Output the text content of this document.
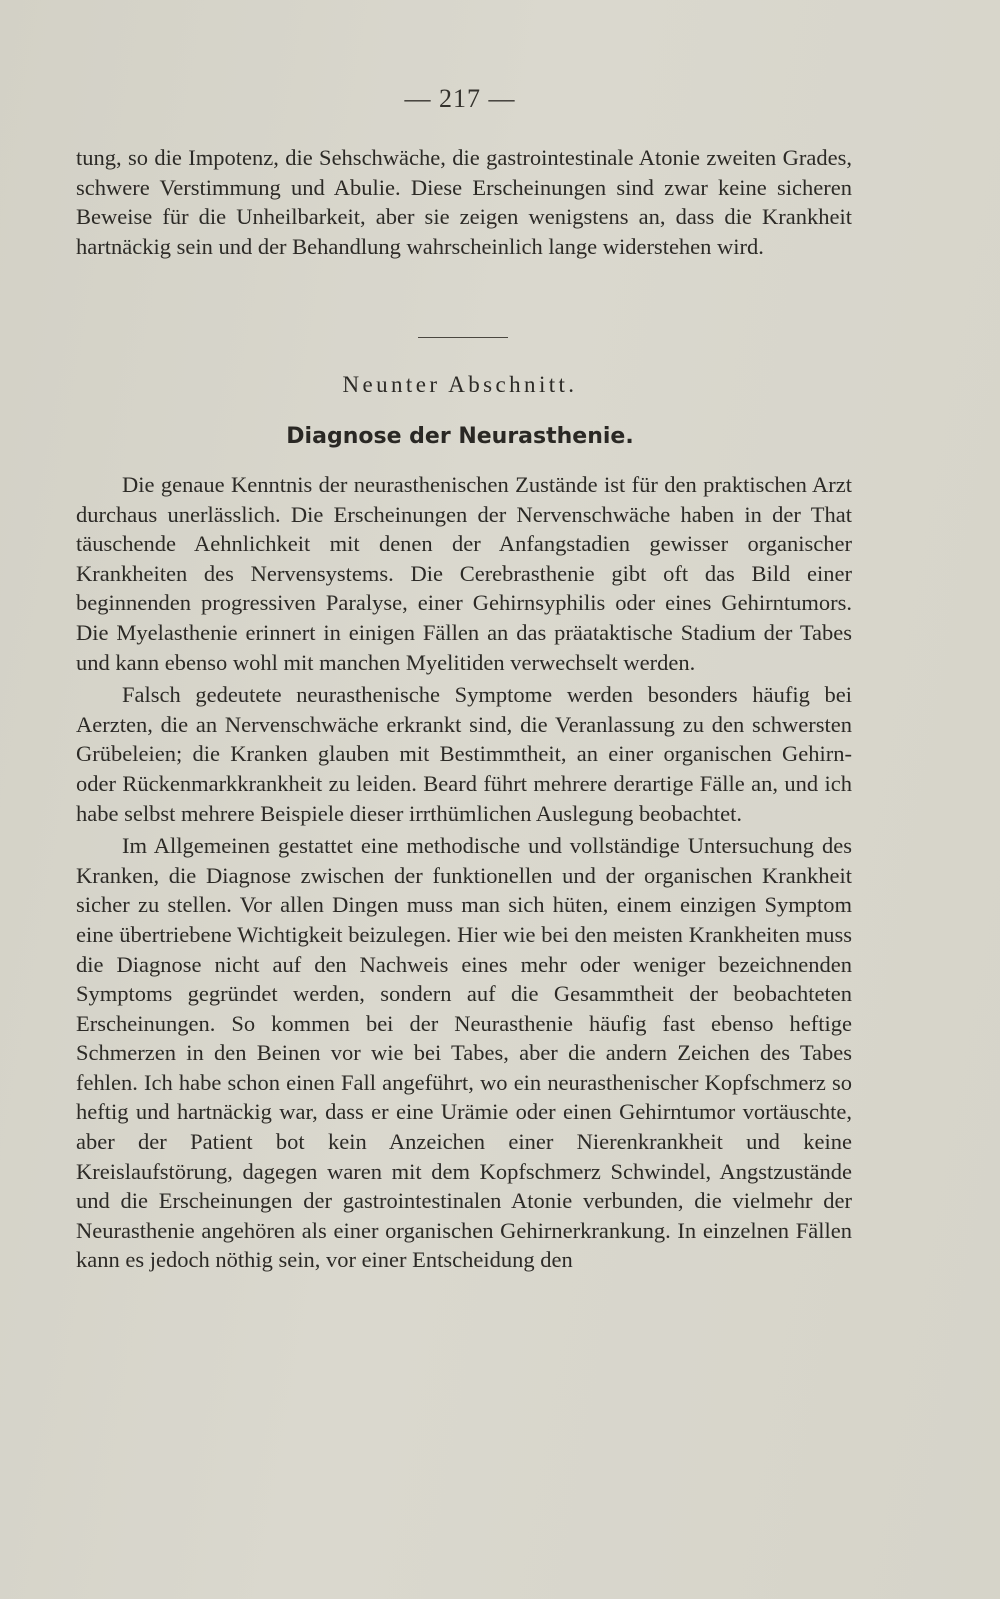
— 217 —

tung, so die Impotenz, die Sehschwäche, die gastrointestinale Atonie zweiten Grades, schwere Verstimmung und Abulie. Diese Erscheinungen sind zwar keine sicheren Beweise für die Unheilbarkeit, aber sie zeigen wenigstens an, dass die Krankheit hartnäckig sein und der Behandlung wahrscheinlich lange widerstehen wird.

Neunter Abschnitt.
Diagnose der Neurasthenie.

Die genaue Kenntnis der neurasthenischen Zustände ist für den praktischen Arzt durchaus unerlässlich. Die Erscheinungen der Nervenschwäche haben in der That täuschende Aehnlichkeit mit denen der Anfangstadien gewisser organischer Krankheiten des Nervensystems. Die Cerebrasthenie gibt oft das Bild einer beginnenden progressiven Paralyse, einer Gehirnsyphilis oder eines Gehirntumors. Die Myelasthenie erinnert in einigen Fällen an das präataktische Stadium der Tabes und kann ebenso wohl mit manchen Myelitiden verwechselt werden.

Falsch gedeutete neurasthenische Symptome werden besonders häufig bei Aerzten, die an Nervenschwäche erkrankt sind, die Veranlassung zu den schwersten Grübeleien; die Kranken glauben mit Bestimmtheit, an einer organischen Gehirn- oder Rückenmarkkrankheit zu leiden. Beard führt mehrere derartige Fälle an, und ich habe selbst mehrere Beispiele dieser irrthümlichen Auslegung beobachtet.

Im Allgemeinen gestattet eine methodische und vollständige Untersuchung des Kranken, die Diagnose zwischen der funktionellen und der organischen Krankheit sicher zu stellen. Vor allen Dingen muss man sich hüten, einem einzigen Symptom eine übertriebene Wichtigkeit beizulegen. Hier wie bei den meisten Krankheiten muss die Diagnose nicht auf den Nachweis eines mehr oder weniger bezeichnenden Symptoms gegründet werden, sondern auf die Gesammtheit der beobachteten Erscheinungen. So kommen bei der Neurasthenie häufig fast ebenso heftige Schmerzen in den Beinen vor wie bei Tabes, aber die andern Zeichen des Tabes fehlen. Ich habe schon einen Fall angeführt, wo ein neurasthenischer Kopfschmerz so heftig und hartnäckig war, dass er eine Urämie oder einen Gehirntumor vortäuschte, aber der Patient bot kein Anzeichen einer Nierenkrankheit und keine Kreislaufstörung, dagegen waren mit dem Kopfschmerz Schwindel, Angstzustände und die Erscheinungen der gastrointestinalen Atonie verbunden, die vielmehr der Neurasthenie angehören als einer organischen Gehirnerkrankung. In einzelnen Fällen kann es jedoch nöthig sein, vor einer Entscheidung den
